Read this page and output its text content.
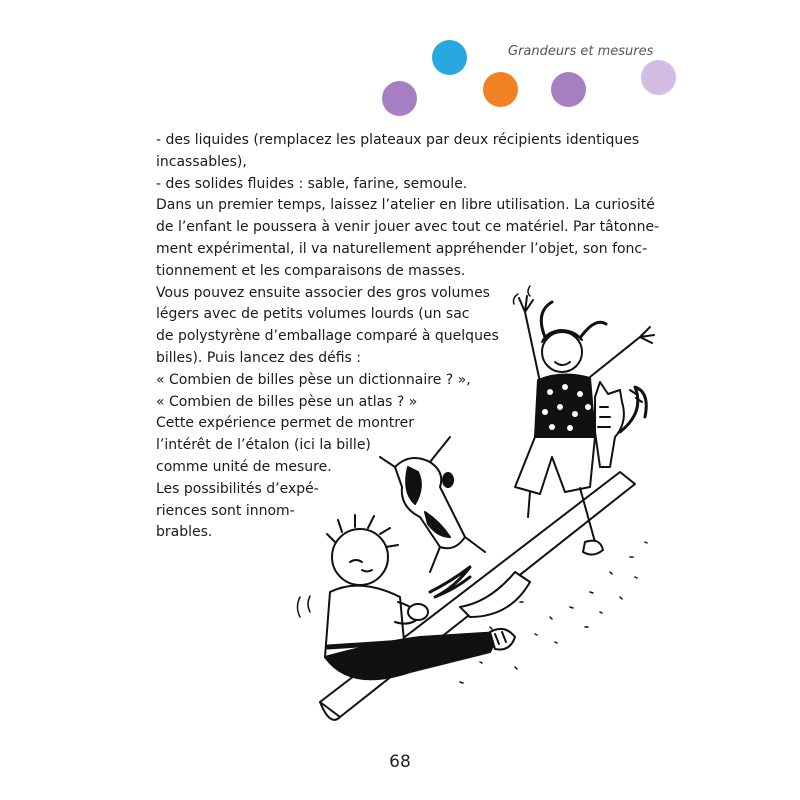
Grandeurs et mesures
- des liquides (remplacez les plateaux par deux récipients identiques
incassables),
- des solides fluides : sable, farine, semoule.
Dans un premier temps, laissez l’atelier en libre utilisation. La curiosité
de l’enfant le poussera à venir jouer avec tout ce matériel. Par tâtonne-
ment expérimental, il va naturellement appréhender l’objet, son fonc-
tionnement et les comparaisons de masses.
Vous pouvez ensuite associer des gros volumes
légers avec de petits volumes lourds (un sac
de polystyrène d’emballage comparé à quelques
billes). Puis lancez des défis :
« Combien de billes pèse un dictionnaire ? »,
« Combien de billes pèse un atlas ? »
Cette expérience permet de montrer
l’intérêt de l’étalon (ici la bille)
comme unité de mesure.
Les possibilités d’expé-
riences sont innom-
brables.
68
